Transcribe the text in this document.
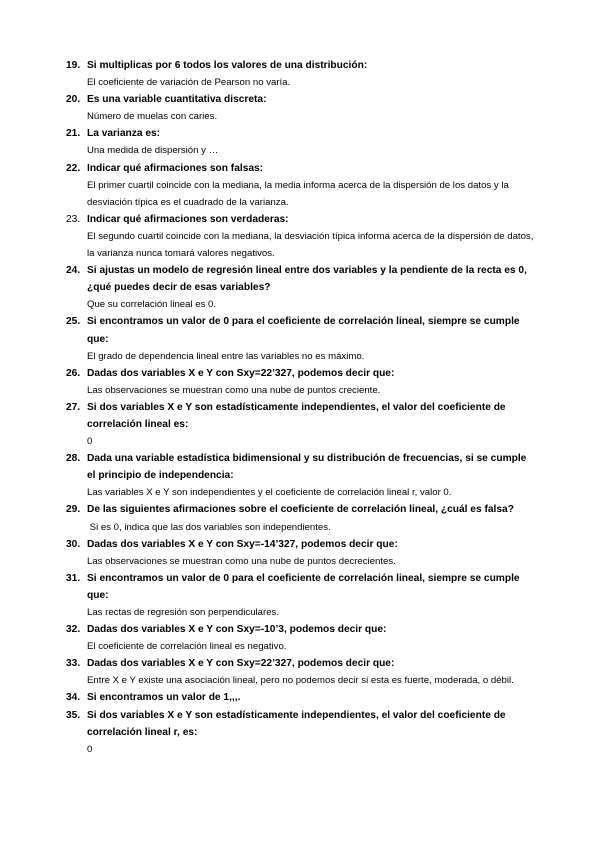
19. Si multiplicas por 6 todos los valores de una distribución:
El coeficiente de variación de Pearson no varía.
20. Es una variable cuantitativa discreta:
Número de muelas con caries.
21. La varianza es:
Una medida de dispersión y …
22. Indicar qué afirmaciones son falsas:
El primer cuartil coincide con la mediana, la media informa acerca de la dispersión de los datos y la desviación típica es el cuadrado de la varianza.
23. Indicar qué afirmaciones son verdaderas:
El segundo cuartil coincide con la mediana, la desviación típica informa acerca de la dispersión de datos, la varianza nunca tomará valores negativos.
24. Si ajustas un modelo de regresión lineal entre dos variables y la pendiente de la recta es 0, ¿qué puedes decir de esas variables?
Que su correlación lineal es 0.
25. Si encontramos un valor de 0 para el coeficiente de correlación lineal, siempre se cumple que:
El grado de dependencia lineal entre las variables no es máximo.
26. Dadas dos variables X e Y con Sxy=22’327, podemos decir que:
Las observaciones se muestran como una nube de puntos creciente.
27. Si dos variables X e Y son estadísticamente independientes, el valor del coeficiente de correlación lineal es:
0
28. Dada una variable estadística bidimensional y su distribución de frecuencias, si se cumple el principio de independencia:
Las variables X e Y son independientes y el coeficiente de correlación lineal r, valor 0.
29. De las siguientes afirmaciones sobre el coeficiente de correlación lineal, ¿cuál es falsa?
Si es 0, indica que las dos variables son independientes.
30. Dadas dos variables X e Y con Sxy=-14’327, podemos decir que:
Las observaciones se muestran como una nube de puntos decrecientes.
31. Si encontramos un valor de 0 para el coeficiente de correlación lineal, siempre se cumple que:
Las rectas de regresión son perpendiculares.
32. Dadas dos variables X e Y con Sxy=-10’3, podemos decir que:
El coeficiente de correlación lineal es negativo.
33. Dadas dos variables X e Y con Sxy=22’327, podemos decir que:
Entre X e Y existe una asociación lineal, pero no podemos decir si esta es fuerte, moderada, o débil.
34. Si encontramos un valor de 1,,,.
35. Si dos variables X e Y son estadísticamente independientes, el valor del coeficiente de correlación lineal r, es:
0
